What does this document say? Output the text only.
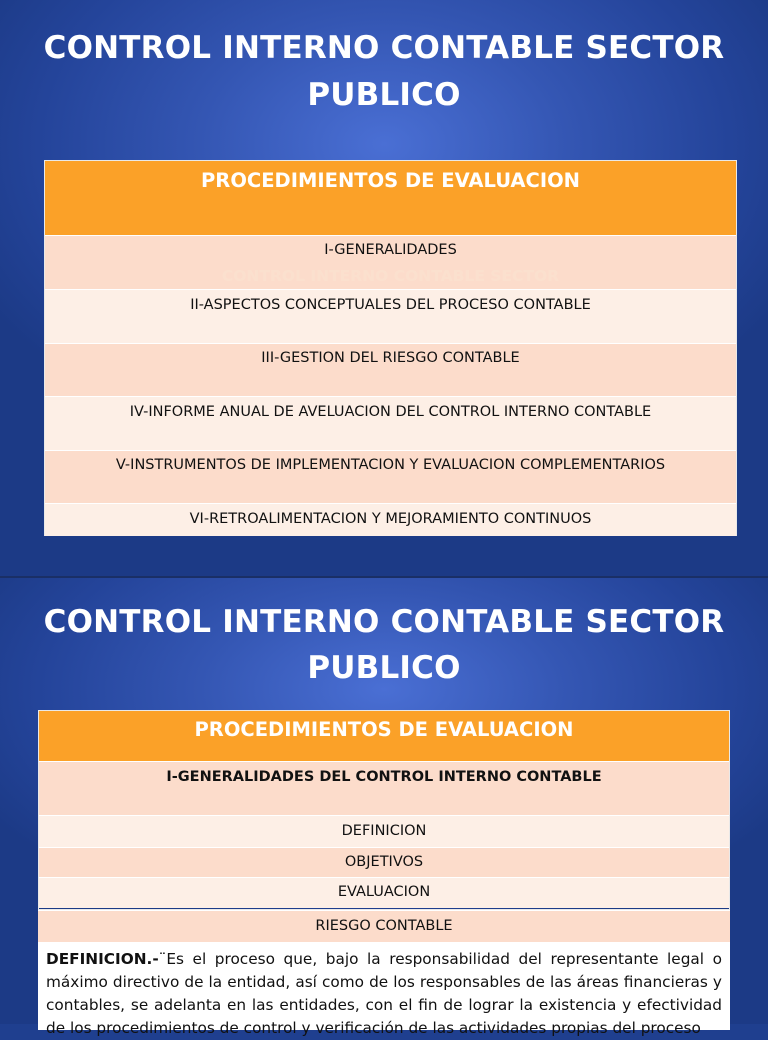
CONTROL INTERNO CONTABLE SECTOR
PUBLICO
PROCEDIMIENTOS DE EVALUACION
I-GENERALIDADES
II-ASPECTOS CONCEPTUALES DEL PROCESO CONTABLE
CONTROL INTERNO CONTABLE SECTOR
III-GESTION DEL RIESGO CONTABLE
IV-INFORME ANUAL DE AVELUACION DEL CONTROL INTERNO CONTABLE
V-INSTRUMENTOS DE IMPLEMENTACION Y EVALUACION COMPLEMENTARIOS
VI-RETROALIMENTACION Y MEJORAMIENTO CONTINUOS
CONTROL INTERNO CONTABLE SECTOR
PUBLICO
PROCEDIMIENTOS DE EVALUACION
I-GENERALIDADES DEL CONTROL INTERNO CONTABLE
DEFINICION
OBJETIVOS
EVALUACION
RIESGO CONTABLE
DEFINICION.-¨Es el proceso que, bajo la responsabilidad del representante legal o máximo directivo de la entidad, así como de los responsables de las áreas financieras y contables, se adelanta en las entidades, con el fin de lograr la existencia y efectividad de los procedimientos de control y verificación de las actividades propias del proceso
